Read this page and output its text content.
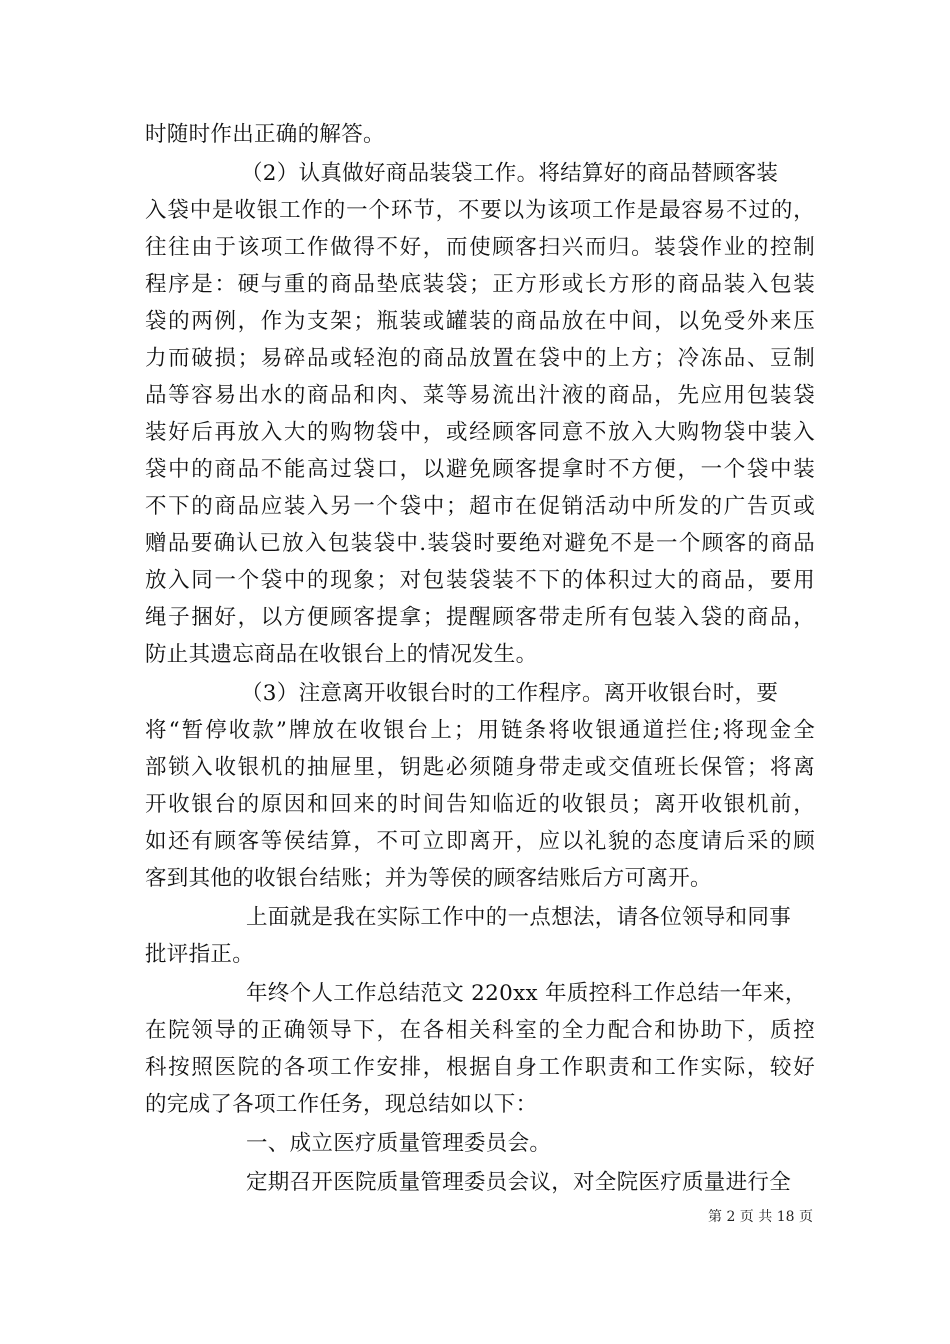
时随时作出正确的解答。
（2）认真做好商品装袋工作。将结算好的商品替顾客装
入袋中是收银工作的一个环节，不要以为该项工作是最容易不过的，
往往由于该项工作做得不好，而使顾客扫兴而归。装袋作业的控制
程序是：硬与重的商品垫底装袋；正方形或长方形的商品装入包装
袋的两例，作为支架；瓶装或罐装的商品放在中间，以免受外来压
力而破损；易碎品或轻泡的商品放置在袋中的上方；冷冻品、豆制
品等容易出水的商品和肉、菜等易流出汁液的商品，先应用包装袋
装好后再放入大的购物袋中，或经顾客同意不放入大购物袋中装入
袋中的商品不能高过袋口，以避免顾客提拿时不方便，一个袋中装
不下的商品应装入另一个袋中；超市在促销活动中所发的广告页或
赠品要确认已放入包装袋中.装袋时要绝对避免不是一个顾客的商品
放入同一个袋中的现象；对包装袋装不下的体积过大的商品，要用
绳子捆好，以方便顾客提拿；提醒顾客带走所有包装入袋的商品，
防止其遗忘商品在收银台上的情况发生。
（3）注意离开收银台时的工作程序。离开收银台时，要
将“暂停收款”牌放在收银台上；用链条将收银通道拦住;将现金全
部锁入收银机的抽屉里，钥匙必须随身带走或交值班长保管；将离
开收银台的原因和回来的时间告知临近的收银员；离开收银机前，
如还有顾客等侯结算，不可立即离开，应以礼貌的态度请后采的顾
客到其他的收银台结账；并为等侯的顾客结账后方可离开。
上面就是我在实际工作中的一点想法，请各位领导和同事
批评指正。
年终个人工作总结范文 220xx 年质控科工作总结一年来，
在院领导的正确领导下，在各相关科室的全力配合和协助下，质控
科按照医院的各项工作安排，根据自身工作职责和工作实际，较好
的完成了各项工作任务，现总结如以下：
一、成立医疗质量管理委员会。
定期召开医院质量管理委员会议，对全院医疗质量进行全
第 2 页 共 18 页
